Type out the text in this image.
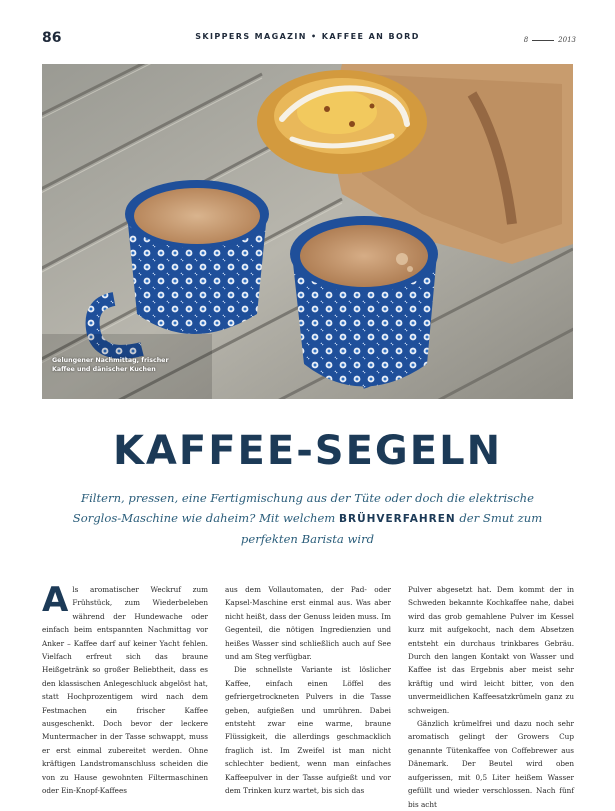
86	SKIPPERS MAGAZIN • KAFFEE AN BORD	8	2013
Gelungener Nachmittag, frischer Kaffee und dänischer Kuchen
KAFFEE-SEGELN
Filtern, pressen, eine Fertigmischung aus der Tüte oder doch die elektrische Sorglos-Maschine wie daheim? Mit welchem BRÜHVERFAHREN der Smut zum perfekten Barista wird

Als aromatischer Weckruf zum Frühstück, zum Wiederbeleben während der Hundewache oder einfach beim entspannten Nachmittag vor Anker – Kaffee darf auf keiner Yacht fehlen. Vielfach erfreut sich das braune Heißgetränk so großer Beliebtheit, dass es den klassischen Anlegeschluck abgelöst hat, statt Hochprozentigem wird nach dem Festmachen ein frischer Kaffee ausgeschenkt. Doch bevor der leckere Muntermacher in der Tasse schwappt, muss er erst einmal zubereitet werden. Ohne kräftigen Landstromanschluss scheiden die von zu Hause gewohnten Filtermaschinen oder Ein-Knopf-Kaffees

aus dem Vollautomaten, der Pad- oder Kapsel-Maschine erst einmal aus. Was aber nicht heißt, dass der Genuss leiden muss. Im Gegenteil, die nötigen Ingredienzien und heißes Wasser sind schließlich auch auf See und am Steg verfügbar.

Die schnellste Variante ist löslicher Kaffee, einfach einen Löffel des gefriergetrockneten Pulvers in die Tasse geben, aufgießen und umrühren. Dabei entsteht zwar eine warme, braune Flüssigkeit, die allerdings geschmacklich fraglich ist. Im Zweifel ist man nicht schlechter bedient, wenn man einfaches Kaffeepulver in der Tasse aufgießt und vor dem Trinken kurz wartet, bis sich das

Pulver abgesetzt hat. Dem kommt der in Schweden bekannte Kochkaffee nahe, dabei wird das grob gemahlene Pulver im Kessel kurz mit aufgekocht, nach dem Absetzen entsteht ein durchaus trinkbares Gebräu. Durch den langen Kontakt von Wasser und Kaffee ist das Ergebnis aber meist sehr kräftig und wird leicht bitter, von den unvermeidlichen Kaffeesatzkrümeln ganz zu schweigen.

Gänzlich krümelfrei und dazu noch sehr aromatisch gelingt der Growers Cup genannte Tütenkaffee von Coffebrewer aus Dänemark. Der Beutel wird oben aufgerissen, mit 0,5 Liter heißem Wasser gefüllt und wieder verschlossen. Nach fünf bis acht
